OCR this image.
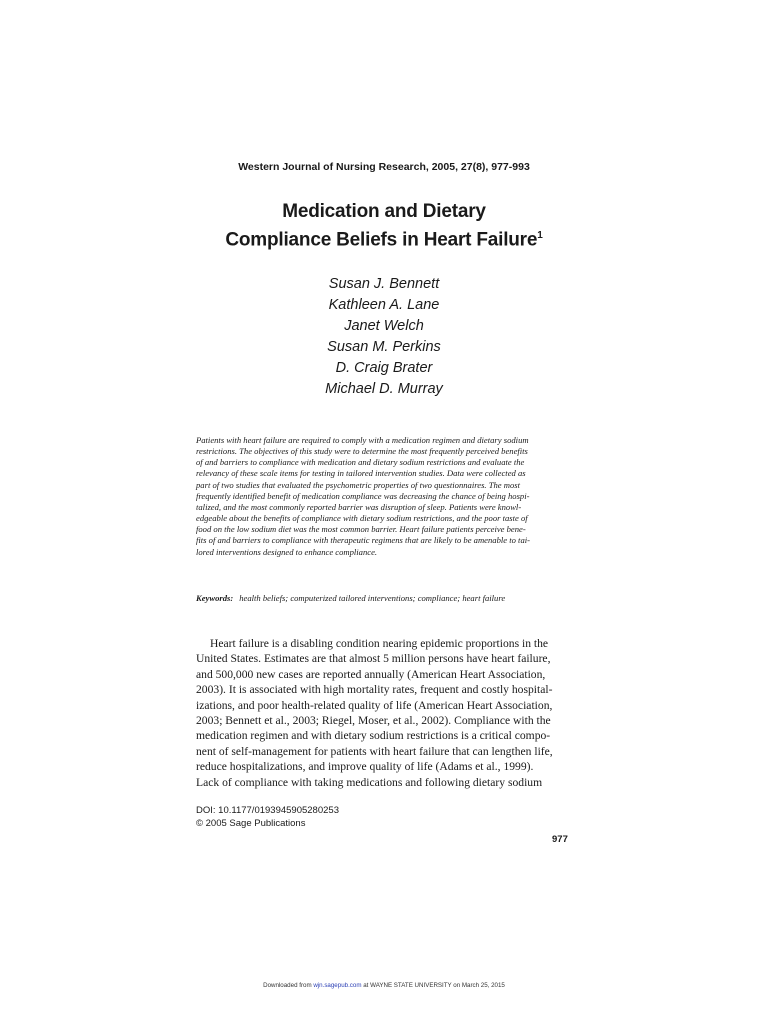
Western Journal of Nursing Research, 2005, 27(8), 977-993
Medication and Dietary
Compliance Beliefs in Heart Failure$^1$
Susan J. Bennett
Kathleen A. Lane
Janet Welch
Susan M. Perkins
D. Craig Brater
Michael D. Murray
Patients with heart failure are required to comply with a medication regimen and dietary sodium
restrictions. The objectives of this study were to determine the most frequently perceived benefits
of and barriers to compliance with medication and dietary sodium restrictions and evaluate the
relevancy of these scale items for testing in tailored intervention studies. Data were collected as
part of two studies that evaluated the psychometric properties of two questionnaires. The most
frequently identified benefit of medication compliance was decreasing the chance of being hospi-
talized, and the most commonly reported barrier was disruption of sleep. Patients were knowl-
edgeable about the benefits of compliance with dietary sodium restrictions, and the poor taste of
food on the low sodium diet was the most common barrier. Heart failure patients perceive bene-
fits of and barriers to compliance with therapeutic regimens that are likely to be amenable to tai-
lored interventions designed to enhance compliance.
Keywords: health beliefs; computerized tailored interventions; compliance; heart failure
Heart failure is a disabling condition nearing epidemic proportions in the
United States. Estimates are that almost 5 million persons have heart failure,
and 500,000 new cases are reported annually (American Heart Association,
2003). It is associated with high mortality rates, frequent and costly hospital-
izations, and poor health-related quality of life (American Heart Association,
2003; Bennett et al., 2003; Riegel, Moser, et al., 2002). Compliance with the
medication regimen and with dietary sodium restrictions is a critical compo-
nent of self-management for patients with heart failure that can lengthen life,
reduce hospitalizations, and improve quality of life (Adams et al., 1999).
Lack of compliance with taking medications and following dietary sodium
DOI: 10.1177/0193945905280253
© 2005 Sage Publications
977
Downloaded from wjn.sagepub.com at WAYNE STATE UNIVERSITY on March 25, 2015
